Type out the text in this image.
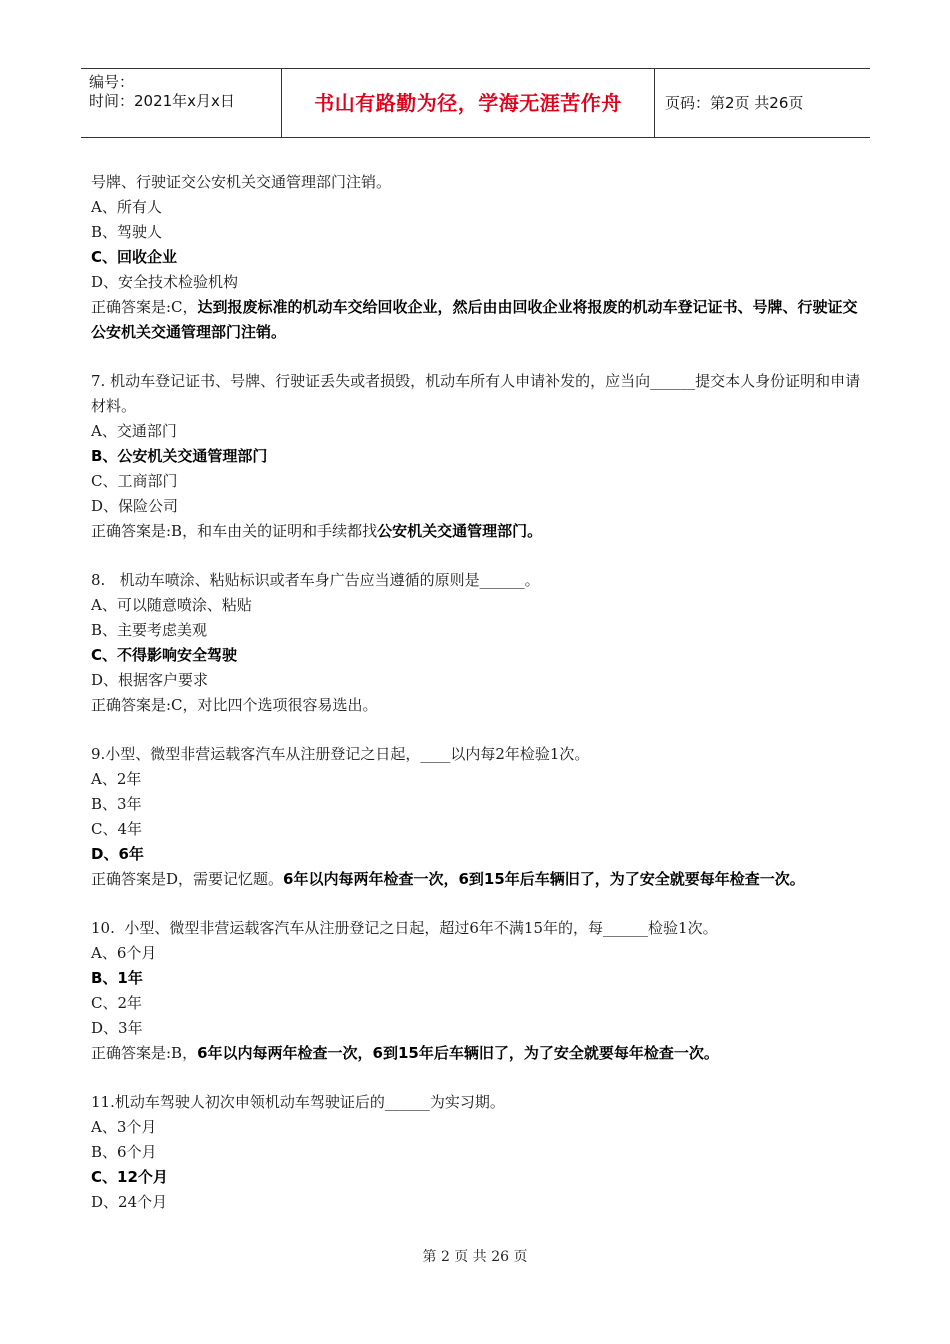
编号：
时间：2021年x月x日	书山有路勤为径，学海无涯苦作舟	页码：第2页 共26页
号牌、行驶证交公安机关交通管理部门注销。
A、所有人
B、驾驶人
C、回收企业
D、安全技术检验机构
正确答案是:C，达到报废标准的机动车交给回收企业，然后由由回收企业将报废的机动车登记证书、号牌、行驶证交公安机关交通管理部门注销。
7. 机动车登记证书、号牌、行驶证丢失或者损毁，机动车所有人申请补发的，应当向______提交本人身份证明和申请材料。
A、交通部门
B、公安机关交通管理部门
C、工商部门
D、保险公司
正确答案是:B，和车由关的证明和手续都找公安机关交通管理部门。
8.   机动车喷涂、粘贴标识或者车身广告应当遵循的原则是______。
A、可以随意喷涂、粘贴
B、主要考虑美观
C、不得影响安全驾驶
D、根据客户要求
正确答案是:C，对比四个选项很容易选出。
9.小型、微型非营运载客汽车从注册登记之日起，____以内每2年检验1次。
A、2年
B、3年
C、4年
D、6年
正确答案是D，需要记忆题。6年以内每两年检查一次，6到15年后车辆旧了，为了安全就要每年检查一次。
10.  小型、微型非营运载客汽车从注册登记之日起，超过6年不满15年的，每______检验1次。
A、6个月
B、1年
C、2年
D、3年
正确答案是:B，6年以内每两年检查一次，6到15年后车辆旧了，为了安全就要每年检查一次。
11.机动车驾驶人初次申领机动车驾驶证后的______为实习期。
A、3个月
B、6个月
C、12个月
D、24个月
第 2 页 共 26 页
